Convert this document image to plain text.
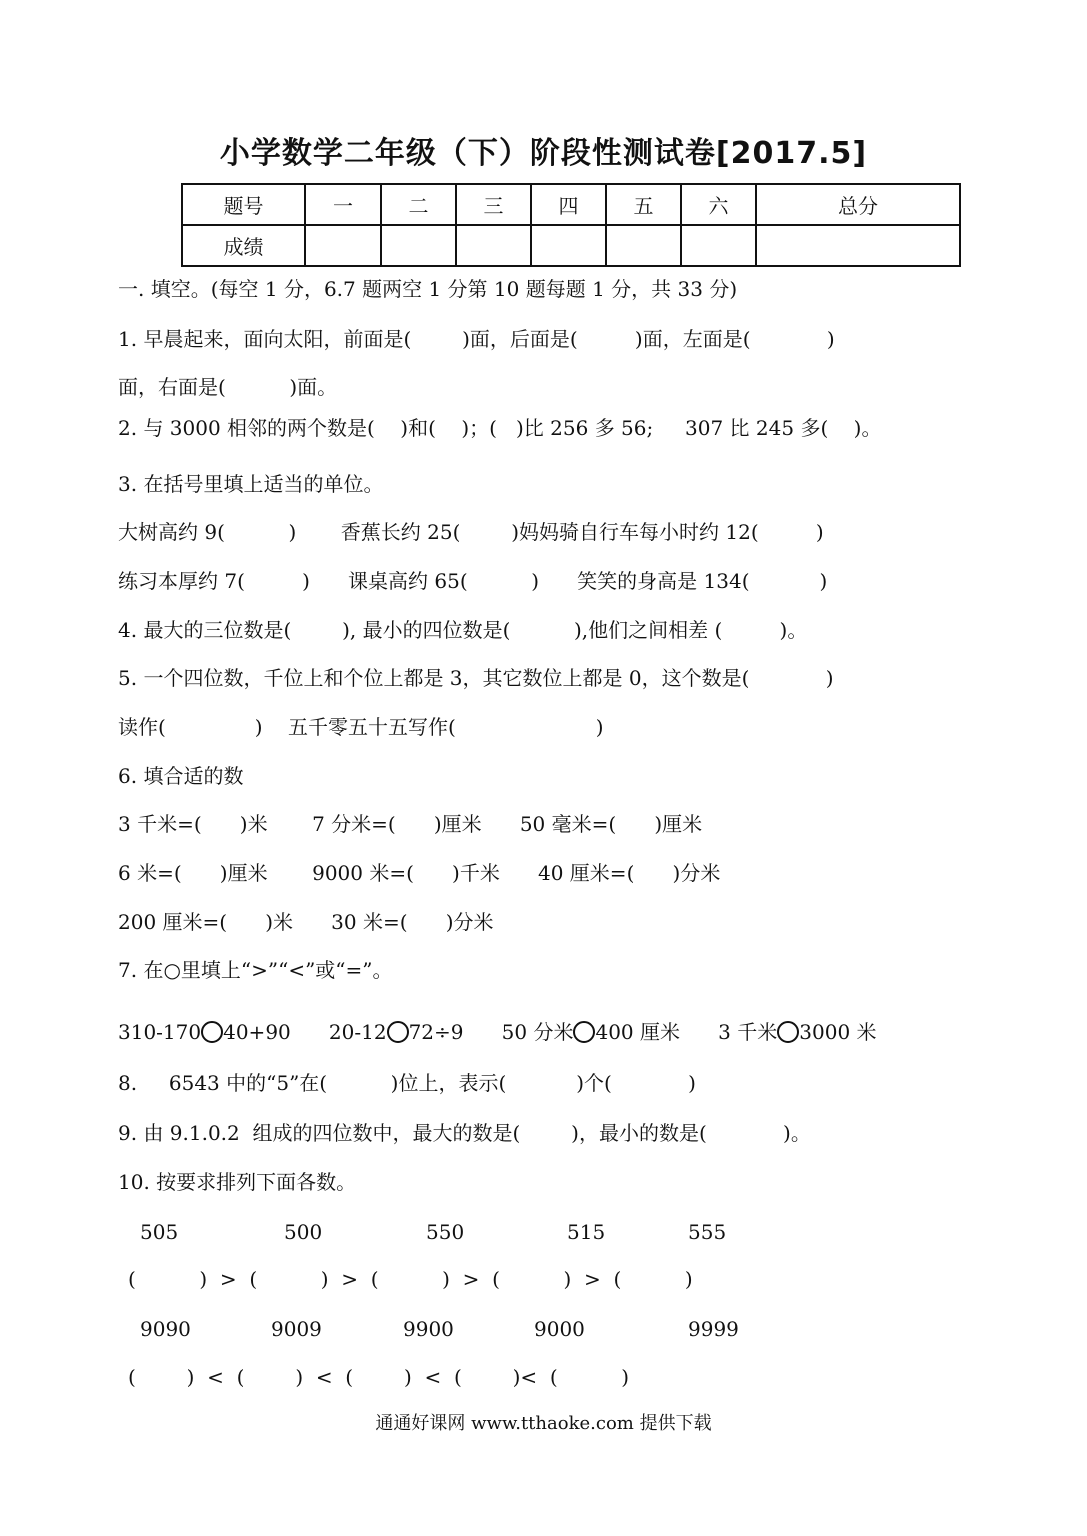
小学数学二年级（下）阶段性测试卷[2017.5]
题号	一	二	三	四	五	六	总分
成绩							
一. 填空。(每空 1 分，6.7 题两空 1 分第 10 题每题 1 分，共 33 分)
1. 早晨起来，面向太阳，前面是(        )面，后面是(         )面，左面是(            )
面，右面是(          )面。
2. 与 3000 相邻的两个数是(    )和(    )；(   )比 256 多 56;     307 比 245 多(    )。
3. 在括号里填上适当的单位。
大树高约 9(          )       香蕉长约 25(        )妈妈骑自行车每小时约 12(         )
练习本厚约 7(         )      课桌高约 65(          )      笑笑的身高是 134(           )
4. 最大的三位数是(        ), 最小的四位数是(          ),他们之间相差 (         )。
5. 一个四位数，千位上和个位上都是 3，其它数位上都是 0，这个数是(            )
读作(              )    五千零五十五写作(                      )
6. 填合适的数
3 千米=(      )米       7 分米=(      )厘米      50 毫米=(      )厘米
6 米=(      )厘米       9000 米=(      )千米      40 厘米=(      )分米
200 厘米=(      )米      30 米=(      )分米
7. 在○里填上“>”“<”或“=”。
310-170 40+90 20-12 72÷9 50 分米 400 厘米 3 千米 3000 米
8.     6543 中的“5”在(          )位上，表示(           )个(            )
9. 由 9.1.0.2  组成的四位数中，最大的数是(        )，最小的数是(            )。
10. 按要求排列下面各数。
505	500	550	515	555
(          )  >  (          )  >  (          )  >  (          )  >  (          )
9090	9009	9900	9000	9999
(        )  <  (        )  <  (        )  <  (        )<  (          )
通通好课网 www.tthaoke.com 提供下载
